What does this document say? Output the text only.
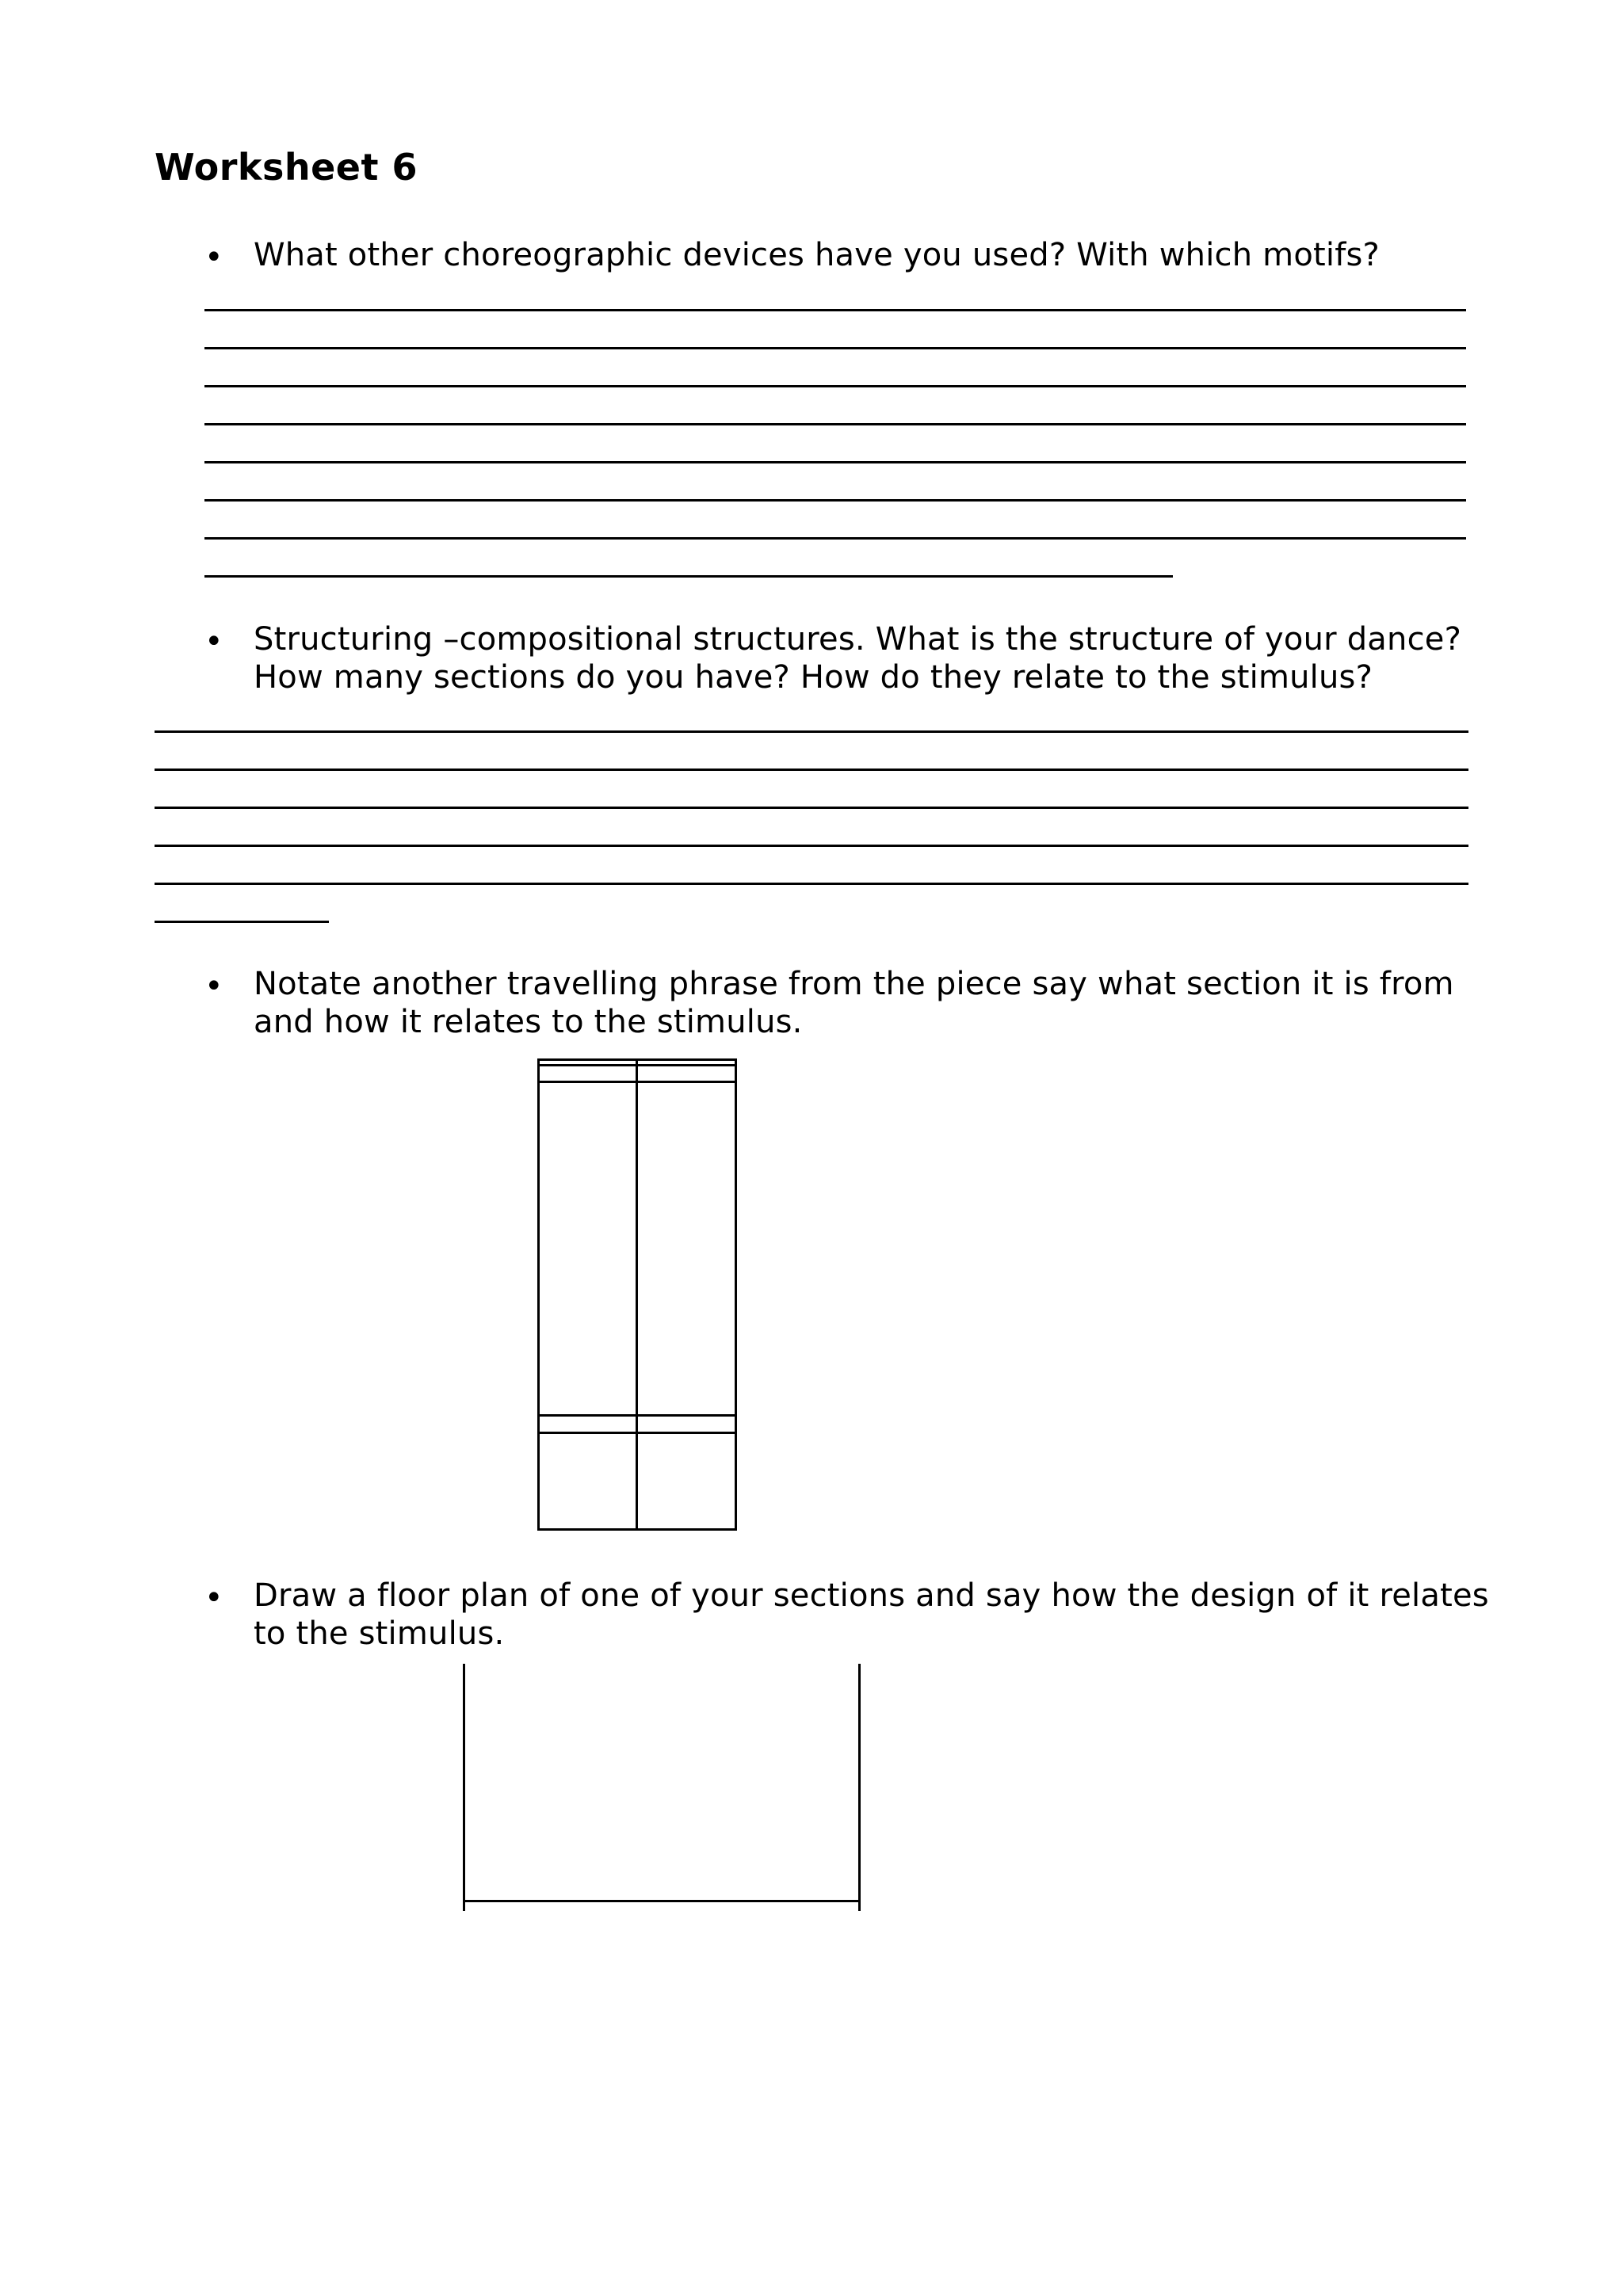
Worksheet 6
• What other choreographic devices have you used? With which motifs?
• Structuring –compositional structures. What is the structure of your dance? How many sections do you have? How do they relate to the stimulus?
• Notate another travelling phrase from the piece say what section it is from and how it relates to the stimulus.
• Draw a floor plan of one of your sections and say how the design of it relates to the stimulus.
